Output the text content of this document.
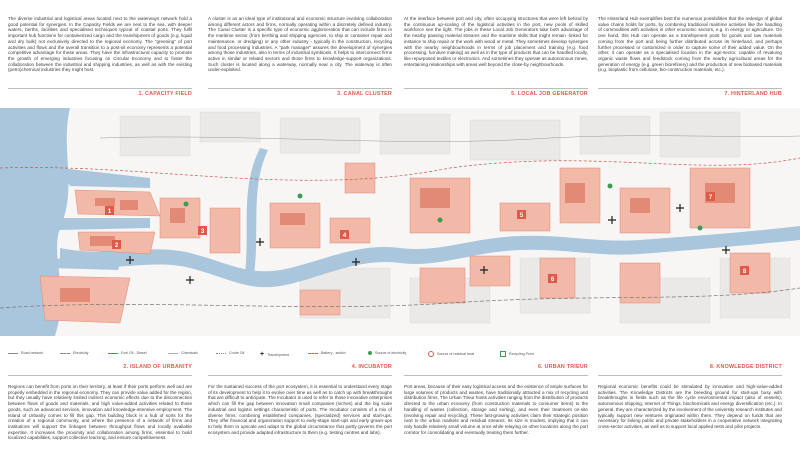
The diverse industrial and logistical areas located next to the waterways network hold a good potential for synergies. In the Capacity Fields we are next to the sea, with deeper waters, berths, facilities and specialised techniques typical of coastal ports. They fulfil important hub functions for containerized cargo and the transhipment of goods (e.g. liquid and dry bulk) not exclusively directed to the regional economy. The “greening” of port activities and flows and the overall transition to a post-oil economy represents a potential competitive advantage for these areas. They have the infrastructural capacity to promote the growth of emerging industries focusing on Circular Economy and to foster the collaboration between the industrial and shipping industries, as well as with the existing (petro)chemical industries they might host.
1. CAPACITY FIELD
A cluster is as an ideal type of institutional and economic structure involving collaboration among different actors and firms, normally operating within a discretely defined industry. The Canal Cluster is a specific type of economic agglomeration that can include firms in the maritime sector (from berthing and shipping agencies, to ship or container repair and maintenance, or dredging) or any other industry - typically in the construction, recycling and food processing industries. A “park manager” assures the development of synergies among those industries, also in terms of industrial symbiosis. It helps to interconnect firms active in similar or related sectors and those firms to knowledge-support organizations. Such cluster is located along a waterway, normally near a city. The waterway is often under-exploited.
3. CANAL CLUSTER
At the interface between port and city, often occupying structures that were left behind by the continuous up-scaling of the logistical activities in the port, new pools of skilled workforce see the light. The jobs in these Local Job Generators take both advantage of the nearby passing material streams and the maritime skills that might remain -linked for instance to ship repair or the work with wood or metal. They sometimes develop synergies with the nearby neighbourhoods in terms of job placement and training (e.g. food processing, furniture making) as well as in the type of products that can be handled locally, like repurposed textiles or electronics. And sometimes they operate as autonomous zones, entertaining relationships with areas well beyond the close-by neighbourhoods.
5. LOCAL JOB GENERATOR
The Hinterland Hub exemplifies best the numerous possibilities that the redesign of global value chains holds for ports, by combining traditional maritime activities like the handling of commodities with activities in other economic sectors, e.g. in energy or agriculture. On one hand, this Hub can operate as a transhipment point for goods and raw materials coming from the port and being further distributed across its hinterland, and perhaps further processed or customized in order to capture some of their added value. On the other, it can operate as a specialised location in the agri-sector, capable of revaluing organic waste flows and feedstock coming from the nearby agricultural areas for the generation of energy (e.g. green biorefinery) and the production of new biobased materials (e.g. bioplastic from cellulose, bio-construction materials, etc.).
7. HINTERLAND HUB
1
2
3
4
5
6
7
8
Road network	Electricity	Fuel Oil - Diesel	Chemicals	Crude Oil + Transhipment	Battery - switch	Source of electricity	Source of residual heat	Recycling Point
2. ISLAND OF URBANITY
Regions can benefit from ports on their territory, at least if their ports perform well and are properly embedded in the regional economy. They can provide value added for the region, but they usually have relatively limited indirect economic effects due to the disconnection between flows of goods and materials, and high value-added activities related to those goods, such as advanced services, innovation and knowledge-intensive employment. The Island of Urbanity comes to fill this gap. This building block is a hub of sorts for the creation of a regional community, and where the presence of a network of firms and institutions will support the linkages between throughput flows and locally available expertise. It increases the proximity and collaboration among firms, essential to build localized capabilities, support collective learning, and ensure competitiveness.
4. INCUBATOR
For the sustained success of the port ecosystem, it is essential to understand every stage of its development to help it to evolve over time as well as to catch up with breakthroughs that are difficult to anticipate. The Incubator is used to refer to those innovative enterprises which can fill the gap between innovation small companies (niches) and the big scale industrial and logistic settings characteristic of ports. The Incubator consists of a mix of diverse firms, combining established companies, (specialized) services and start-ups. They offer financial and organization support to early-stage start-ups and early grown-ups to help them to upscale and adapt to the global circumstance that partly governs the port ecosystem and provide adapted infrastructure to them (e.g. testing centres and labs).
6. URBAN TRIEUR
Port areas, because of their easy logistical access and the existence of ample surfaces for large volumes of products and wastes, have traditionally attracted a mix of recycling and distribution firms. The Urban Trieur hosts activities ranging from the distribution of products directed to the urban economy (from construction materials to consumer items) to the handling of wastes (collection, storage and sorting), and even their treatment on-site (involving repair and recycling). These fast-growing activities claim their strategic position next to the urban markets and residual streams. Its size is modest, implying that it can only handle relatively small volume at once while relaying on other locations along the port corridor for consolidating and eventually treating them further.
8. KNOWLEDGE DISTRICT
Regional economic benefits could be stimulated by innovation and high-value-added activities. The Knowledge Districts are the breeding ground for start-ups busy with breakthroughs in fields such as the life cycle environmental impact (also of vessels), autonomous shipping, Internet of Things, biochemicals and energy diversification (etc.). In general, they are characterized by the involvement of the university research institutes and typically support new ventures originated within them. They depend on funds that are necessary for linking public and private stakeholders in a cooperative network integrating cross-sector activities, as well as to support local applied tests and pilot projects.
